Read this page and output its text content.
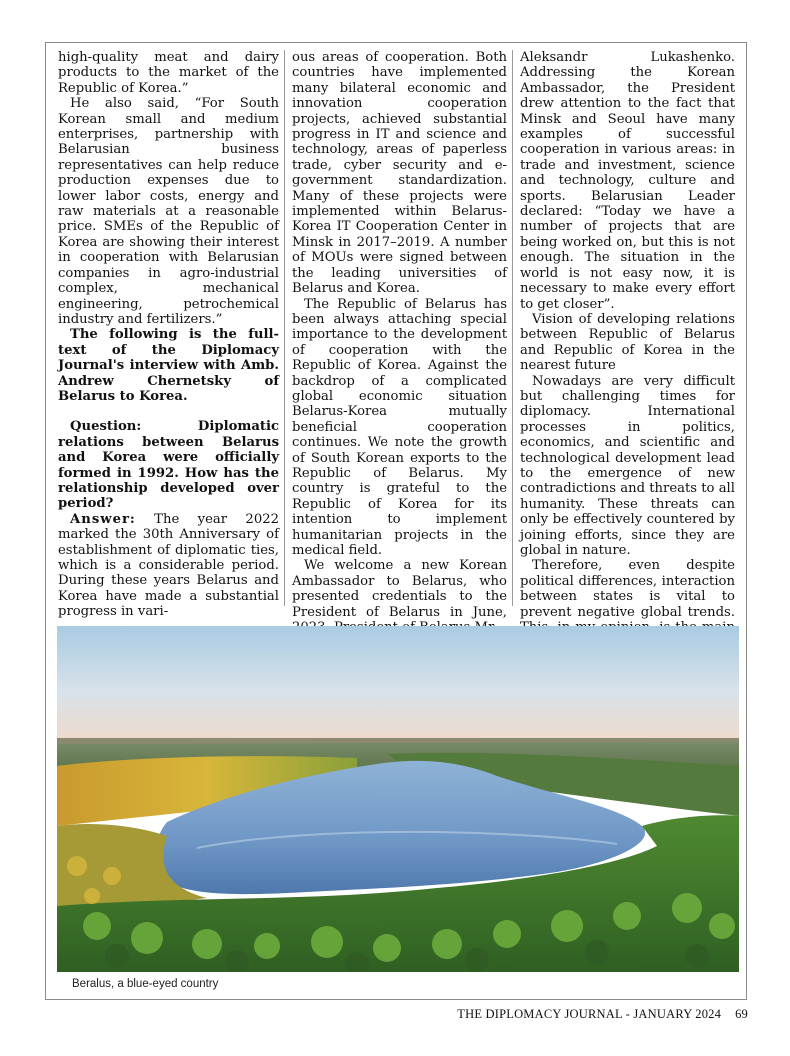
high-quality meat and dairy products to the market of the Republic of Korea.”

He also said, “For South Korean small and medium enterprises, partnership with Belarusian business representatives can help reduce production expenses due to lower labor costs, energy and raw materials at a reasonable price. SMEs of the Republic of Korea are showing their interest in cooperation with Belarusian companies in agro-industrial complex, mechanical engineering, petrochemical industry and fertilizers.”

The following is the full-text of the Diplomacy Journal's interview with Amb. Andrew Chernetsky of Belarus to Korea.

Question: Diplomatic relations between Belarus and Korea were officially formed in 1992. How has the relationship developed over period?

Answer: The year 2022 marked the 30th Anniversary of establishment of diplomatic ties, which is a considerable period. During these years Belarus and Korea have made a substantial progress in vari-

ous areas of cooperation. Both countries have implemented many bilateral economic and innovation cooperation projects, achieved substantial progress in IT and science and technology, areas of paperless trade, cyber security and e-government standardization. Many of these projects were implemented within Belarus-Korea IT Cooperation Center in Minsk in 2017–2019. A number of MOUs were signed between the leading universities of Belarus and Korea.

The Republic of Belarus has been always attaching special importance to the development of cooperation with the Republic of Korea. Against the backdrop of a complicated global economic situation Belarus-Korea mutually beneficial cooperation continues. We note the growth of South Korean exports to the Republic of Belarus. My country is grateful to the Republic of Korea for its intention to implement humanitarian projects in the medical field.

We welcome a new Korean Ambassador to Belarus, who presented credentials to the President of Belarus in June,

Aleksandr Lukashenko. Addressing the Korean Ambassador, the President drew attention to the fact that Minsk and Seoul have many examples of successful cooperation in various areas: in trade and investment, science and technology, culture and sports. Belarusian Leader declared: “Today we have a number of projects that are being worked on, but this is not enough. The situation in the world is not easy now, it is necessary to make every effort to get closer”.

Vision of developing relations between Republic of Belarus and Republic of Korea in the nearest future

Nowadays are very difficult but challenging times for diplomacy. International processes in politics, economics, and scientific and technological development lead to the emergence of new contradictions and threats to all humanity. These threats can only be effectively countered by joining efforts, since they are global in nature.

Therefore, even despite political differences, interaction between states is vital to prevent negative global trends.

Beralus, a blue-eyed country
THE DIPLOMACY JOURNAL - JANUARY 2024 69
